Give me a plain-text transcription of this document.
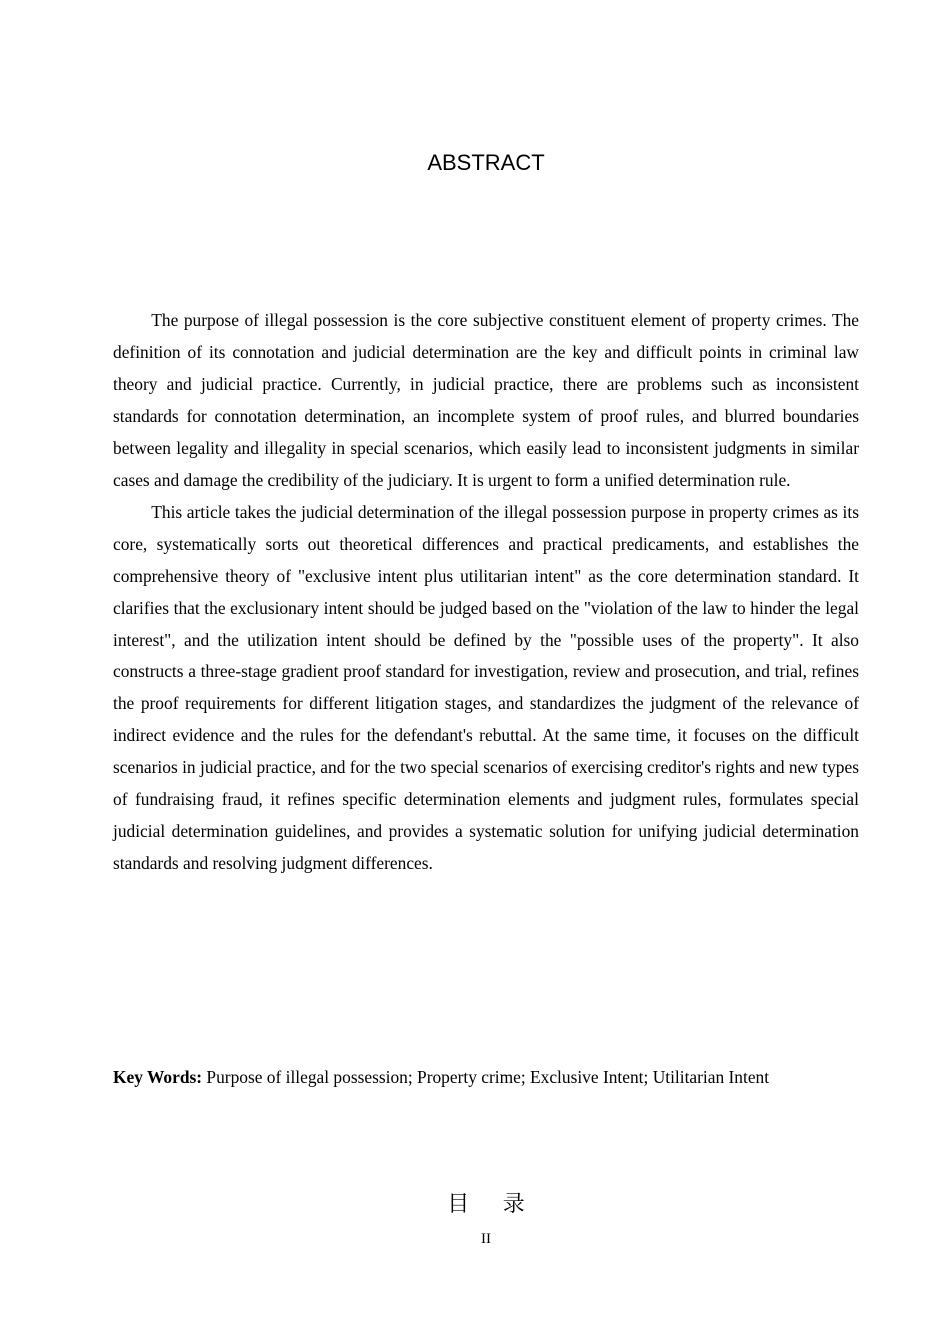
ABSTRACT

The purpose of illegal possession is the core subjective constituent element of property crimes. The definition of its connotation and judicial determination are the key and difficult points in criminal law theory and judicial practice. Currently, in judicial practice, there are problems such as inconsistent standards for connotation determination, an incomplete system of proof rules, and blurred boundaries between legality and illegality in special scenarios, which easily lead to inconsistent judgments in similar cases and damage the credibility of the judiciary. It is urgent to form a unified determination rule.

This article takes the judicial determination of the illegal possession purpose in property crimes as its core, systematically sorts out theoretical differences and practical predicaments, and establishes the comprehensive theory of "exclusive intent plus utilitarian intent" as the core determination standard. It clarifies that the exclusionary intent should be judged based on the "violation of the law to hinder the legal interest", and the utilization intent should be defined by the "possible uses of the property". It also constructs a three-stage gradient proof standard for investigation, review and prosecution, and trial, refines the proof requirements for different litigation stages, and standardizes the judgment of the relevance of indirect evidence and the rules for the defendant's rebuttal. At the same time, it focuses on the difficult scenarios in judicial practice, and for the two special scenarios of exercising creditor's rights and new types of fundraising fraud, it refines specific determination elements and judgment rules, formulates special judicial determination guidelines, and provides a systematic solution for unifying judicial determination standards and resolving judgment differences.

Key Words: Purpose of illegal possession; Property crime; Exclusive Intent; Utilitarian Intent

目 录
II
